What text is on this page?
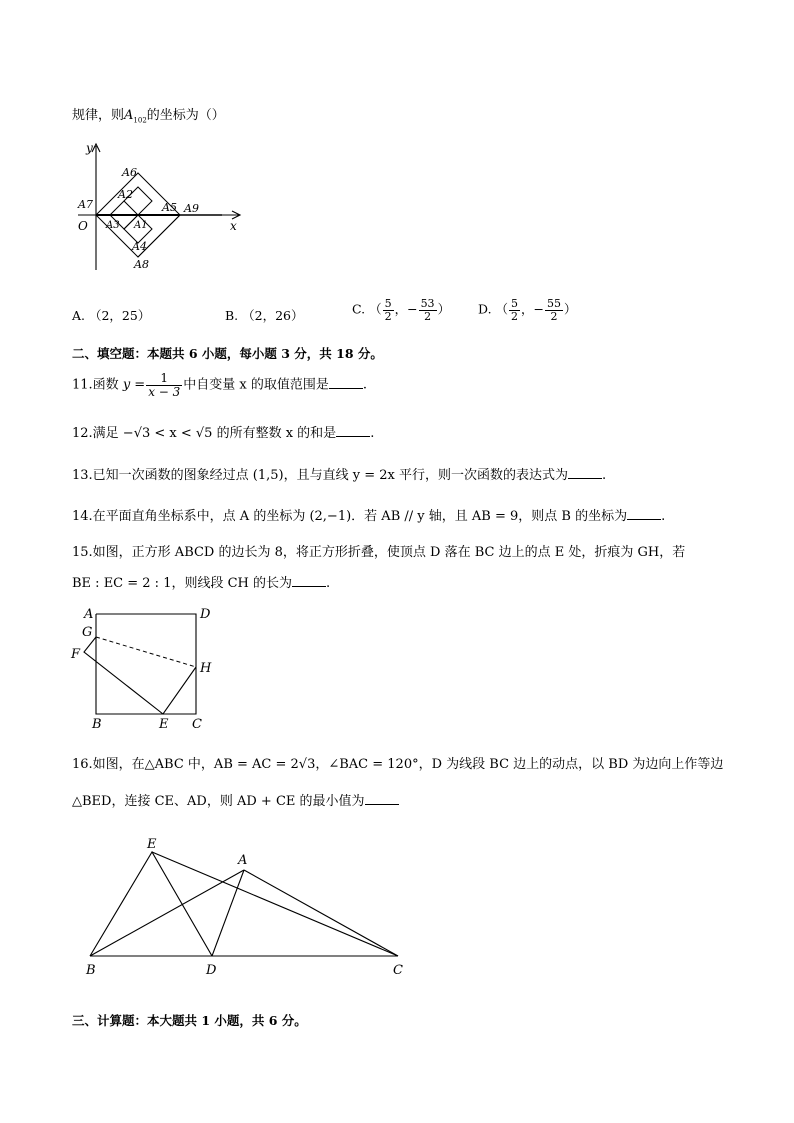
规律，则$A_{102}$的坐标为（）
y
x
O
A6
A2
A7	A5 A9
A3 A1
A4
A8
A. （2，25）	B. （2，26）	C. （ $\frac{5}{2}$ ，− $\frac{53}{2}$ ） D. （ $\frac{5}{2}$ ，− $\frac{55}{2}$ ）
二、填空题：本题共 6 小题，每小题 3 分，共 18 分。
11.函数 $y = \frac{1}{x - 3}$ 中自变量 x 的取值范围是	.
12.满足 −√3 < x < √5 的所有整数 x 的和是	.
13.已知一次函数的图象经过点 (1,5)，且与直线 y = 2x 平行，则一次函数的表达式为	.
14.在平面直角坐标系中，点 A 的坐标为 (2,−1)．若 AB // y 轴，且 AB = 9，则点 B 的坐标为	.
15.如图，正方形 ABCD 的边长为 8，将正方形折叠，使顶点 D 落在 BC 边上的点 E 处，折痕为 GH，若
BE : EC = 2 : 1，则线段 CH 的长为	.
A	D
G
F
H
B	E C
16.如图，在△ABC 中，AB = AC = 2√3，∠BAC = 120°，D 为线段 BC 边上的动点，以 BD 为边向上作等边
△BED，连接 CE、AD，则 AD + CE 的最小值为
E
A
B	D	C
三、计算题：本大题共 1 小题，共 6 分。
